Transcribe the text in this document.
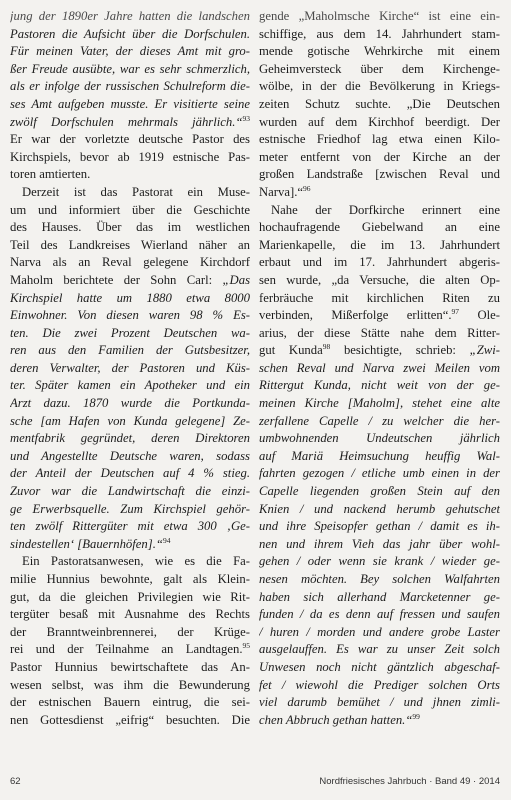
jung der 1890er Jahre hatten die landschen
Pastoren die Aufsicht über die Dorfschulen.
Für meinen Vater, der dieses Amt mit gro-
ßer Freude ausübte, war es sehr schmerzlich,
als er infolge der russischen Schulreform die-
ses Amt aufgeben musste. Er visitierte seine
zwölf Dorfschulen mehrmals jährlich.“$^{93}$
Er war der vorletzte deutsche Pastor des
Kirchspiels, bevor ab 1919 estnische Pas-
toren amtierten.
Derzeit ist das Pastorat ein Muse-
um und informiert über die Geschichte
des Hauses. Über das im westlichen
Teil des Landkreises Wierland näher an
Narva als an Reval gelegene Kirchdorf
Maholm berichtete der Sohn Carl: „Das
Kirchspiel hatte um 1880 etwa 8000
Einwohner. Von diesen waren 98 % Es-
ten. Die zwei Prozent Deutschen wa-
ren aus den Familien der Gutsbesitzer,
deren Verwalter, der Pastoren und Küs-
ter. Später kamen ein Apotheker und ein
Arzt dazu. 1870 wurde die Portkunda-
sche [am Hafen von Kunda gelegene] Ze-
mentfabrik gegründet, deren Direktoren
und Angestellte Deutsche waren, sodass
der Anteil der Deutschen auf 4 % stieg.
Zuvor war die Landwirtschaft die einzi-
ge Erwerbsquelle. Zum Kirchspiel gehör-
ten zwölf Rittergüter mit etwa 300 ‚Ge-
sindestellen‘ [Bauernhöfen].“$^{94}$
Ein Pastoratsanwesen, wie es die Fa-
milie Hunnius bewohnte, galt als Klein-
gut, da die gleichen Privilegien wie Rit-
tergüter besaß mit Ausnahme des Rechts
der Branntweinbrennerei, der Krüge-
rei und der Teilnahme an Landtagen.$^{95}$
Pastor Hunnius bewirtschaftete das An-
wesen selbst, was ihm die Bewunderung
der estnischen Bauern eintrug, die sei-
nen Gottesdienst „eifrig“ besuchten. Die
gende „Maholmsche Kirche“ ist eine ein-
schiffige, aus dem 14. Jahrhundert stam-
mende gotische Wehrkirche mit einem
Geheimversteck über dem Kirchenge-
wölbe, in der die Bevölkerung in Kriegs-
zeiten Schutz suchte. „Die Deutschen
wurden auf dem Kirchhof beerdigt. Der
estnische Friedhof lag etwa einen Kilo-
meter entfernt von der Kirche an der
großen Landstraße [zwischen Reval und
Narva].“$^{96}$
Nahe der Dorfkirche erinnert eine
hochaufragende Giebelwand an eine
Marienkapelle, die im 13. Jahrhundert
erbaut und im 17. Jahrhundert abgeris-
sen wurde, „da Versuche, die alten Op-
ferbräuche mit kirchlichen Riten zu
verbinden, Mißerfolge erlitten“.$^{97}$ Ole-
arius, der diese Stätte nahe dem Ritter-
gut Kunda$^{98}$ besichtigte, schrieb: „Zwi-
schen Reval und Narva zwei Meilen vom
Rittergut Kunda, nicht weit von der ge-
meinen Kirche [Maholm], stehet eine alte
zerfallene Capelle / zu welcher die her-
umbwohnenden Undeutschen jährlich
auf Mariä Heimsuchung heuffig Wal-
fahrten gezogen / etliche umb einen in der
Capelle liegenden großen Stein auf den
Knien / und nackend herumb gehutschet
und ihre Speisopfer gethan / damit es ih-
nen und ihrem Vieh das jahr über wohl-
gehen / oder wenn sie krank / wieder ge-
nesen möchten. Bey solchen Walfahrten
haben sich allerhand Marcketenner ge-
funden / da es denn auf fressen und saufen
/ huren / morden und andere grobe Laster
ausgelauffen. Es war zu unser Zeit solch
Unwesen noch nicht gäntzlich abgeschaf-
fet / wiewohl die Prediger solchen Orts
viel darumb bemühet / und jhnen zimli-
chen Abbruch gethan hatten.“$^{99}$
62	Nordfriesisches Jahrbuch · Band 49 · 2014
